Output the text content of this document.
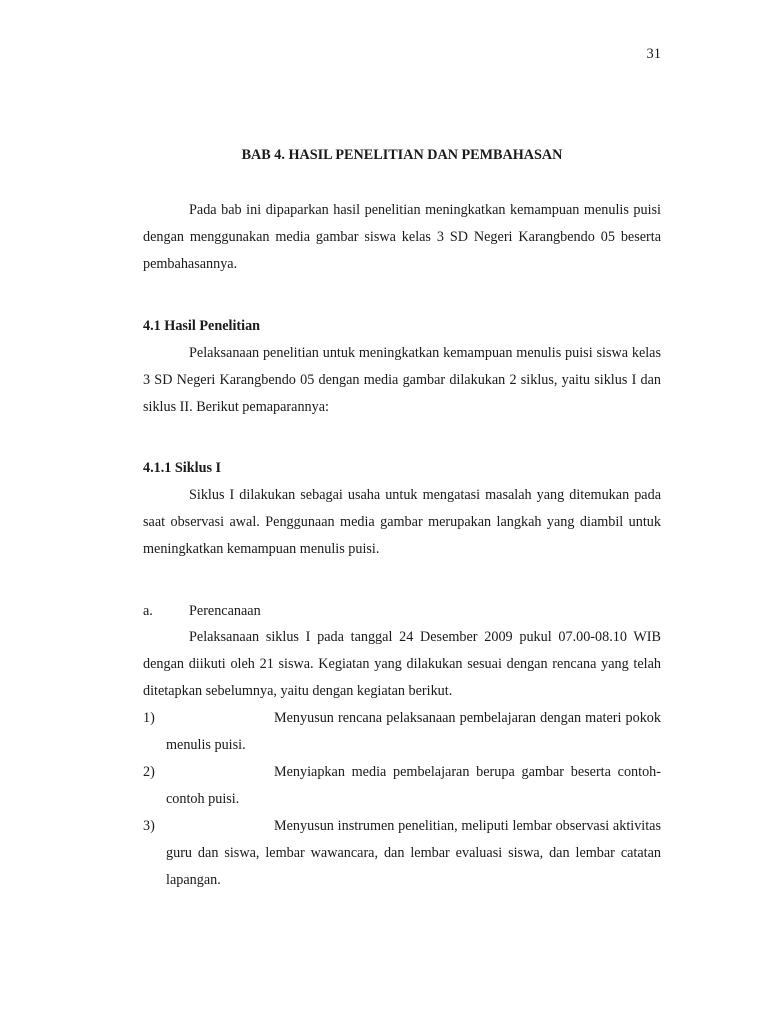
31
BAB 4. HASIL PENELITIAN DAN PEMBAHASAN

Pada bab ini dipaparkan hasil penelitian meningkatkan kemampuan menulis puisi dengan menggunakan media gambar siswa kelas 3 SD Negeri Karangbendo 05 beserta pembahasannya.

4.1 Hasil Penelitian

Pelaksanaan penelitian untuk meningkatkan kemampuan menulis puisi siswa kelas 3 SD Negeri Karangbendo 05 dengan media gambar dilakukan 2 siklus, yaitu siklus I dan siklus II. Berikut pemaparannya:

4.1.1 Siklus I

Siklus I dilakukan sebagai usaha untuk mengatasi masalah yang ditemukan pada saat observasi awal. Penggunaan media gambar merupakan langkah yang diambil untuk meningkatkan kemampuan menulis puisi.

a.	Perencanaan

Pelaksanaan siklus I pada tanggal 24 Desember 2009 pukul 07.00-08.10 WIB dengan diikuti oleh 21 siswa. Kegiatan yang dilakukan sesuai dengan rencana yang telah ditetapkan sebelumnya, yaitu dengan kegiatan berikut.

1)	Menyusun rencana pelaksanaan pembelajaran dengan materi pokok menulis puisi.
2)	Menyiapkan media pembelajaran berupa gambar beserta contoh-contoh puisi.
3)	Menyusun instrumen penelitian, meliputi lembar observasi aktivitas guru dan siswa, lembar wawancara, dan lembar evaluasi siswa, dan lembar catatan lapangan.
